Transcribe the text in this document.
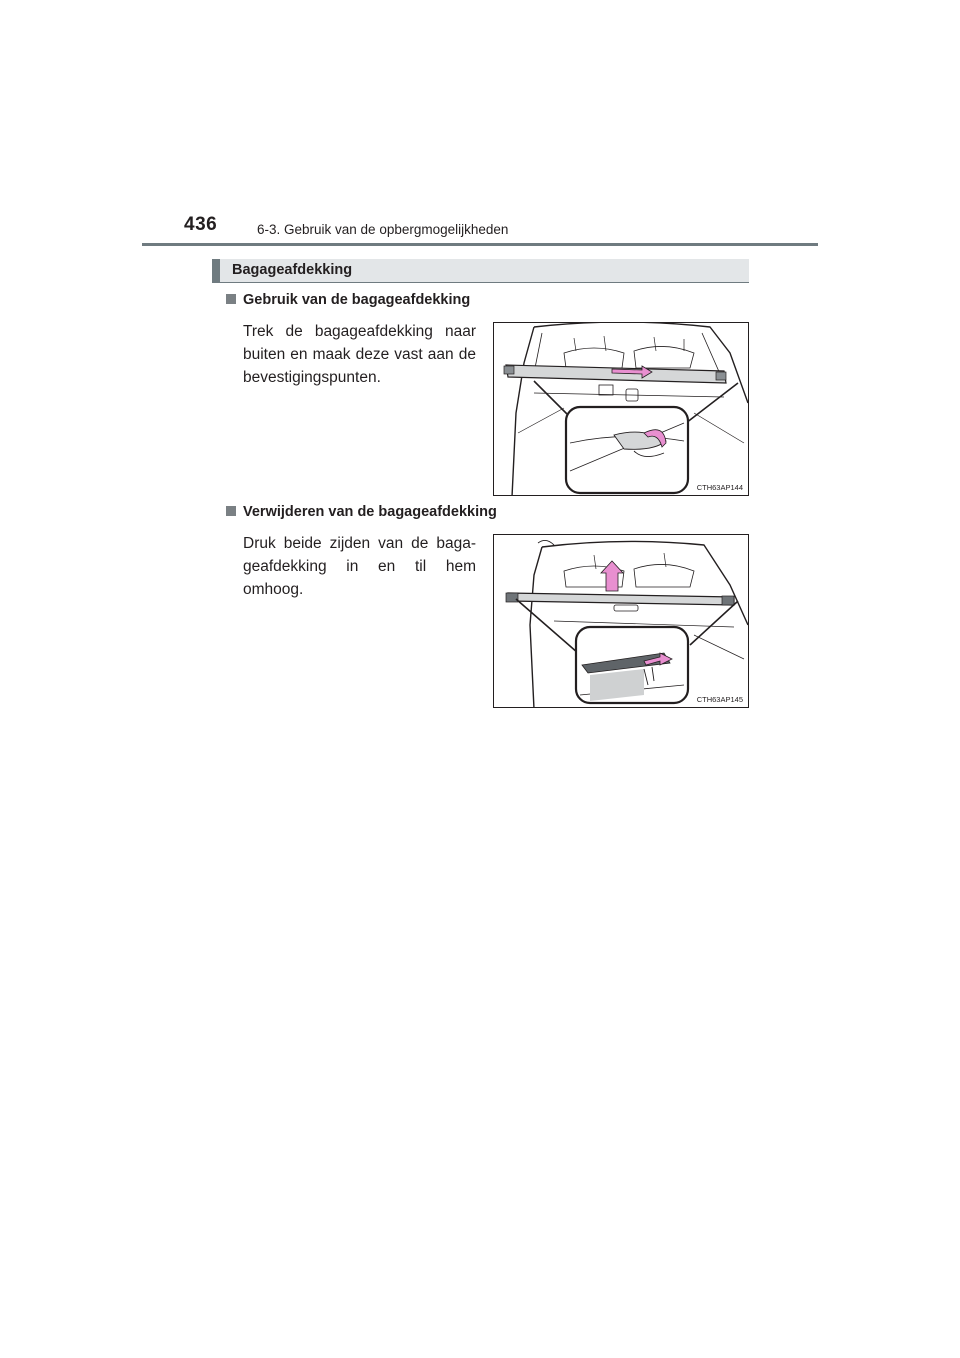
436	6-3. Gebruik van de opbergmogelijkheden
Bagageafdekking
Gebruik van de bagageafdekking
Trek de bagageafdekking naar buiten en maak deze vast aan de bevestigingspunten.
CTH63AP144
Verwijderen van de bagageafdekking
Druk beide zijden van de baga-geafdekking in en til hem omhoog.
CTH63AP145
